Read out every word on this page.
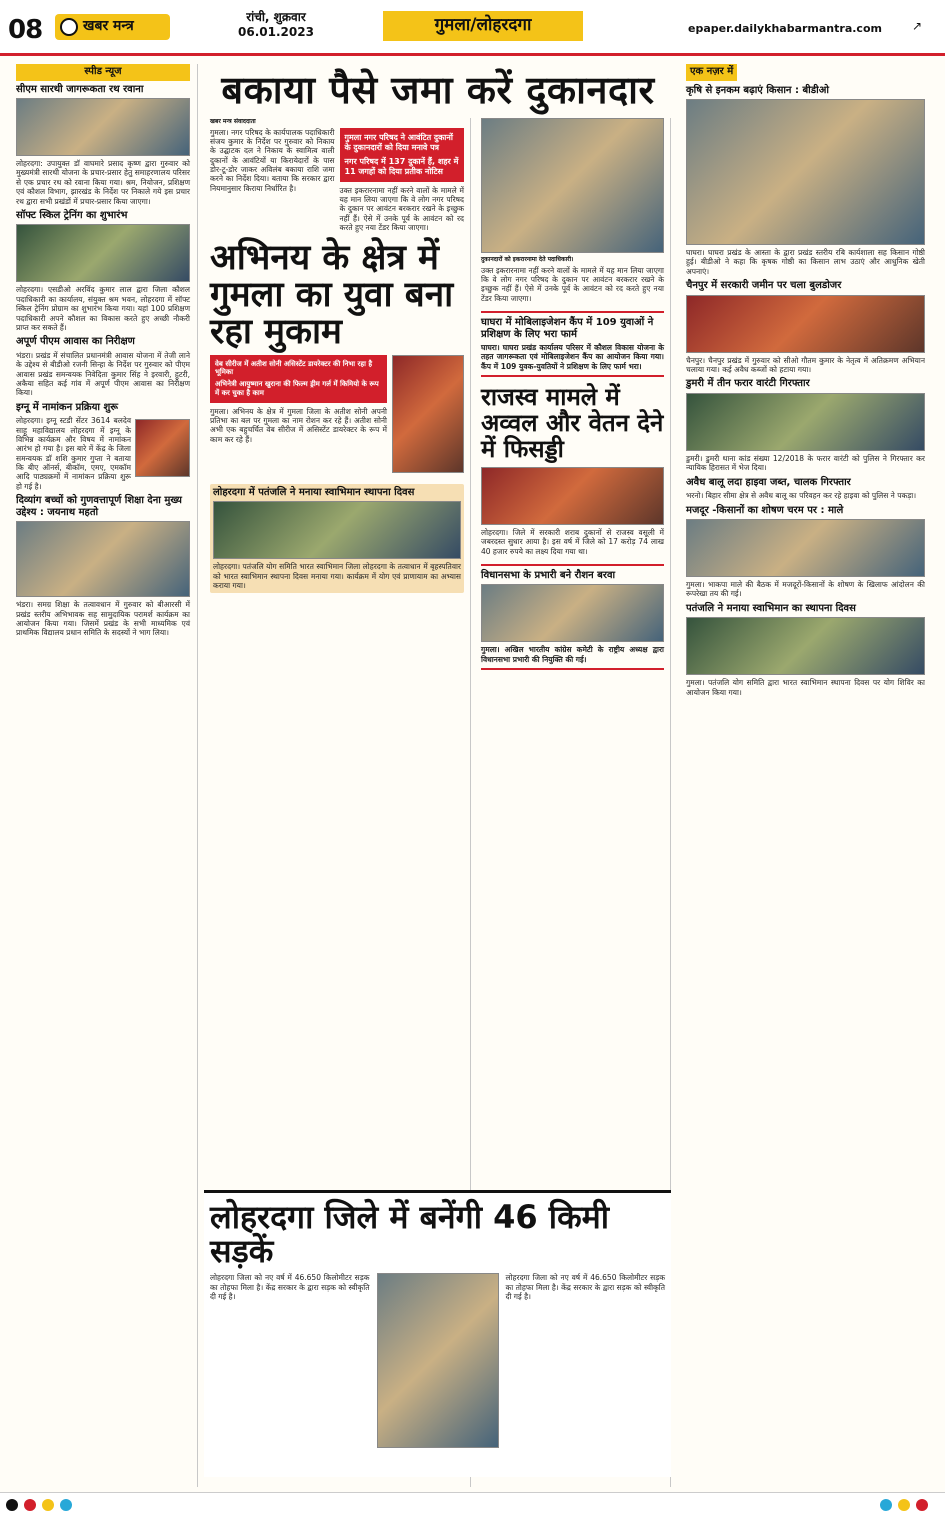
08	खबर मन्त्र
रांची, शुक्रवार
06.01.2023	गुमला/लोहरदगा	epaper.dailykhabarmantra.com	↗
स्पीड न्यूज
सीएम सारथी जागरूकता रथ रवाना

लोहरदगा: उपायुक्त डॉ वाघमारे प्रसाद कृष्ण द्वारा गुरुवार को मुख्यमंत्री सारथी योजना के प्रचार-प्रसार हेतु समाहरणालय परिसर से एक प्रचार रथ को रवाना किया गया। श्रम, नियोजन, प्रशिक्षण एवं कौशल विभाग, झारखंड के निर्देश पर निकाले गये इस प्रचार रथ द्वारा सभी प्रखंडों में प्रचार-प्रसार किया जाएगा।

सॉफ्ट स्किल ट्रेनिंग का शुभारंभ

लोहरदगा। एसडीओ अरविंद कुमार लाल द्वारा जिला कौशल पदाधिकारी का कार्यालय, संयुक्त श्रम भवन, लोहरदगा में सॉफ्ट स्किल ट्रेनिंग प्रोग्राम का शुभारंभ किया गया। यहां 100 प्रशिक्षण पदाधिकारी अपने कौशल का विकास करते हुए अच्छी नौकरी प्राप्त कर सकते हैं।

अपूर्ण पीएम आवास का निरीक्षण

भंडरा। प्रखंड में संचालित प्रधानमंत्री आवास योजना में तेजी लाने के उद्देश्य से बीडीओ रजनी सिन्हा के निर्देश पर गुरुवार को पीएम आवास प्रखंड समन्वयक निवेदिता कुमार सिंह ने इरवारी, हुटरी, अकैया सहित कई गांव में अपूर्ण पीएम आवास का निरीक्षण किया।

इग्नू में नामांकन प्रक्रिया शुरू

लोहरदगा। इग्नू स्टडी सेंटर 3614 बलदेव साहू महाविद्यालय लोहरदगा में इग्नू के विभिन्न कार्यक्रम और विषय में नामांकन आरंभ हो गया है। इस बारे में केंद्र के जिला समन्वयक डॉ शशि कुमार गुप्ता ने बताया कि बीए ऑनर्स, बीकॉम, एमए, एमकॉम आदि पाठ्यक्रमों में नामांकन प्रक्रिया शुरू हो गई है।

दिव्यांग बच्चों को गुणवत्तापूर्ण शिक्षा देना मुख्य उद्देश्य : जयनाथ महतो

भंडरा। समग्र शिक्षा के तत्वावधान में गुरुवार को बीआरसी में प्रखंड स्तरीय अभिभावक सह सामुदायिक परामर्श कार्यक्रम का आयोजन किया गया। जिसमें प्रखंड के सभी माध्यमिक एवं प्राथमिक विद्यालय प्रधान समिति के सदस्यों ने भाग लिया।

बकाया पैसे जमा करें दुकानदार
खबर मन्त्र संवाददाता

गुमला। नगर परिषद के कार्यपालक पदाधिकारी संजय कुमार के निर्देश पर गुरुवार को निकाय के उद्घाटक दल ने निकाय के स्वामित्व वाली दुकानों के आवंटियों या किरायेदारों के पास डोर-टू-डोर जाकर अविलंब बकाया राशि जमा करने का निर्देश दिया। बताया कि सरकार द्वारा नियमानुसार किराया निर्धारित है।

गुमला नगर परिषद ने आवंटित दुकानों के दुकानदारों को दिया मनावे पत्र
नगर परिषद में 137 दुकानें हैं, शहर में 11 जगहों को दिया प्रतीक नोटिस

उक्त इकरारनामा नहीं करने वालों के मामले में यह मान लिया जाएगा कि वे लोग नगर परिषद के दुकान पर आवंटन बरकरार रखने के इच्छुक नहीं हैं। ऐसे में उनके पूर्व के आवंटन को रद करते हुए नया टेंडर किया जाएगा।

अभिनय के क्षेत्र में गुमला का युवा बना रहा मुकाम
वेब सीरीज में अतीश सोनी असिस्टेंट डायरेक्टर की निभा रहा है भूमिका
अभिनेत्री आयुष्मान खुराना की फिल्म ड्रीम गर्ल में किमियो के रूप में कर चुका है काम

गुमला। अभिनय के क्षेत्र में गुमला जिला के अतीश सोनी अपनी प्रतिभा का बल पर गुमला का नाम रोशन कर रहे हैं। अतीश सोनी अभी एक बहुचर्चित वेब सीरीज में असिस्टेंट डायरेक्टर के रूप में काम कर रहे हैं।

लोहरदगा में पतंजलि ने मनाया स्वाभिमान स्थापना दिवस

लोहरदगा। पतंजलि योग समिति भारत स्वाभिमान जिला लोहरदगा के तत्वाधान में बृहस्पतिवार को भारत स्वाभिमान स्थापना दिवस मनाया गया। कार्यक्रम में योग एवं प्राणायाम का अभ्यास कराया गया।

दुकानदारों को इकरारनामा देते पदाधिकारी।

उक्त इकरारनामा नहीं करने वालों के मामले में यह मान लिया जाएगा कि वे लोग नगर परिषद के दुकान पर आवंटन बरकरार रखने के इच्छुक नहीं हैं। ऐसे में उनके पूर्व के आवंटन को रद करते हुए नया टेंडर किया जाएगा।

घाघरा में मोबिलाइजेशन कैंप में 109 युवाओं ने प्रशिक्षण के लिए भरा फार्म

घाघरा। घाघरा प्रखंड कार्यालय परिसर में कौशल विकास योजना के तहत जागरूकता एवं मोबिलाइजेशन कैंप का आयोजन किया गया। कैंप में 109 युवक-युवतियों ने प्रशिक्षण के लिए फार्म भरा।

राजस्व मामले में अव्वल और वेतन देने में फिसड्डी

लोहरदगा। जिले में सरकारी शराब दुकानों से राजस्व वसूली में जबरदस्त सुधार आया है। इस वर्ष में जिले को 17 करोड़ 74 लाख 40 हजार रुपये का लक्ष्य दिया गया था।

विधानसभा के प्रभारी बने रौशन बरवा

गुमला। अखिल भारतीय कांग्रेस कमेटी के राष्ट्रीय अध्यक्ष द्वारा विधानसभा प्रभारी की नियुक्ति की गई।

लोहरदगा जिले में बनेंगी 46 किमी सड़कें

लोहरदगा जिला को नए वर्ष में 46.650 किलोमीटर सड़क का तोहफा मिला है। केंद्र सरकार के द्वारा सड़क को स्वीकृति दी गई है।

लोहरदगा जिला को नए वर्ष में 46.650 किलोमीटर सड़क का तोहफा मिला है। केंद्र सरकार के द्वारा सड़क को स्वीकृति दी गई है।

एक नज़र में
कृषि से इनकम बढ़ाएं किसान : बीडीओ

घाघरा। घाघरा प्रखंड के आस्ता के द्वारा प्रखंड स्तरीय रबि कार्यशाला सह किसान गोष्ठी हुई। बीडीओ ने कहा कि कृषक गोष्ठी का किसान लाभ उठाएं और आधुनिक खेती अपनाएं।

चैनपुर में सरकारी जमीन पर चला बुलडोजर

चैनपुर। चैनपुर प्रखंड में गुरुवार को सीओ गौतम कुमार के नेतृत्व में अतिक्रमण अभियान चलाया गया। कई अवैध कब्जों को हटाया गया।

डुमरी में तीन फरार वारंटी गिरफ्तार

डुमरी। डुमरी थाना कांड संख्या 12/2018 के फरार वारंटी को पुलिस ने गिरफ्तार कर न्यायिक हिरासत में भेज दिया।

अवैध बालू लदा हाइवा जब्त, चालक गिरफ्तार

भरनो। बिहार सीमा क्षेत्र से अवैध बालू का परिवहन कर रहे हाइवा को पुलिस ने पकड़ा।

मजदूर -किसानों का शोषण चरम पर : माले

गुमला। भाकपा माले की बैठक में मजदूरों-किसानों के शोषण के खिलाफ आंदोलन की रूपरेखा तय की गई।

पतंजलि ने मनाया स्वाभिमान का स्थापना दिवस

गुमला। पतंजलि योग समिति द्वारा भारत स्वाभिमान स्थापना दिवस पर योग शिविर का आयोजन किया गया।
